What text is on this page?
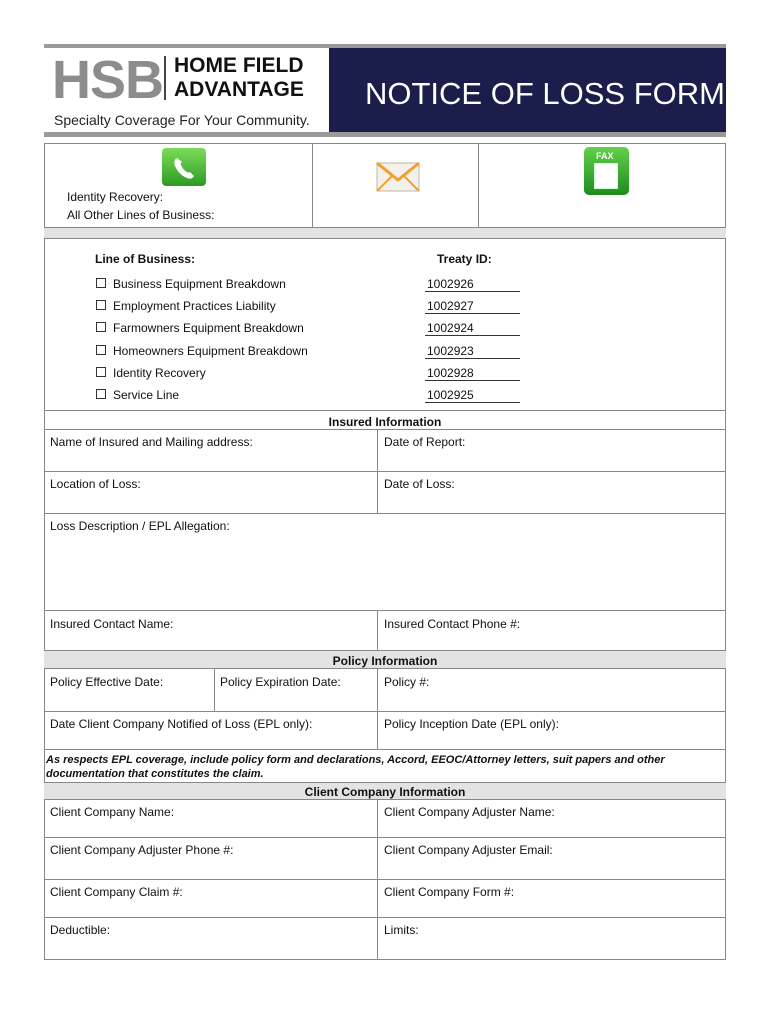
HSB HOME FIELD
ADVANTAGE
Specialty Coverage For Your Community.
NOTICE OF LOSS FORM
FAX
Identity Recovery:
All Other Lines of Business:
Line of Business:	Treaty ID:
Business Equipment Breakdown	1002926
Employment Practices Liability	1002927
Farmowners Equipment Breakdown	1002924
Homeowners Equipment Breakdown	1002923
Identity Recovery	1002928
Service Line	1002925
Insured Information
Name of Insured and Mailing address:	Date of Report:
Location of Loss:	Date of Loss:
Loss Description / EPL Allegation:
Insured Contact Name:	Insured Contact Phone #:
Policy Information
Policy Effective Date:	Policy Expiration Date:	Policy #:
Date Client Company Notified of Loss (EPL only):	Policy Inception Date (EPL only):
As respects EPL coverage, include policy form and declarations, Accord, EEOC/Attorney letters, suit papers and other documentation that constitutes the claim.
Client Company Information
Client Company Name:	Client Company Adjuster Name:
Client Company Adjuster Phone #:	Client Company Adjuster Email:
Client Company Claim #:	Client Company Form #:
Deductible:	Limits:
